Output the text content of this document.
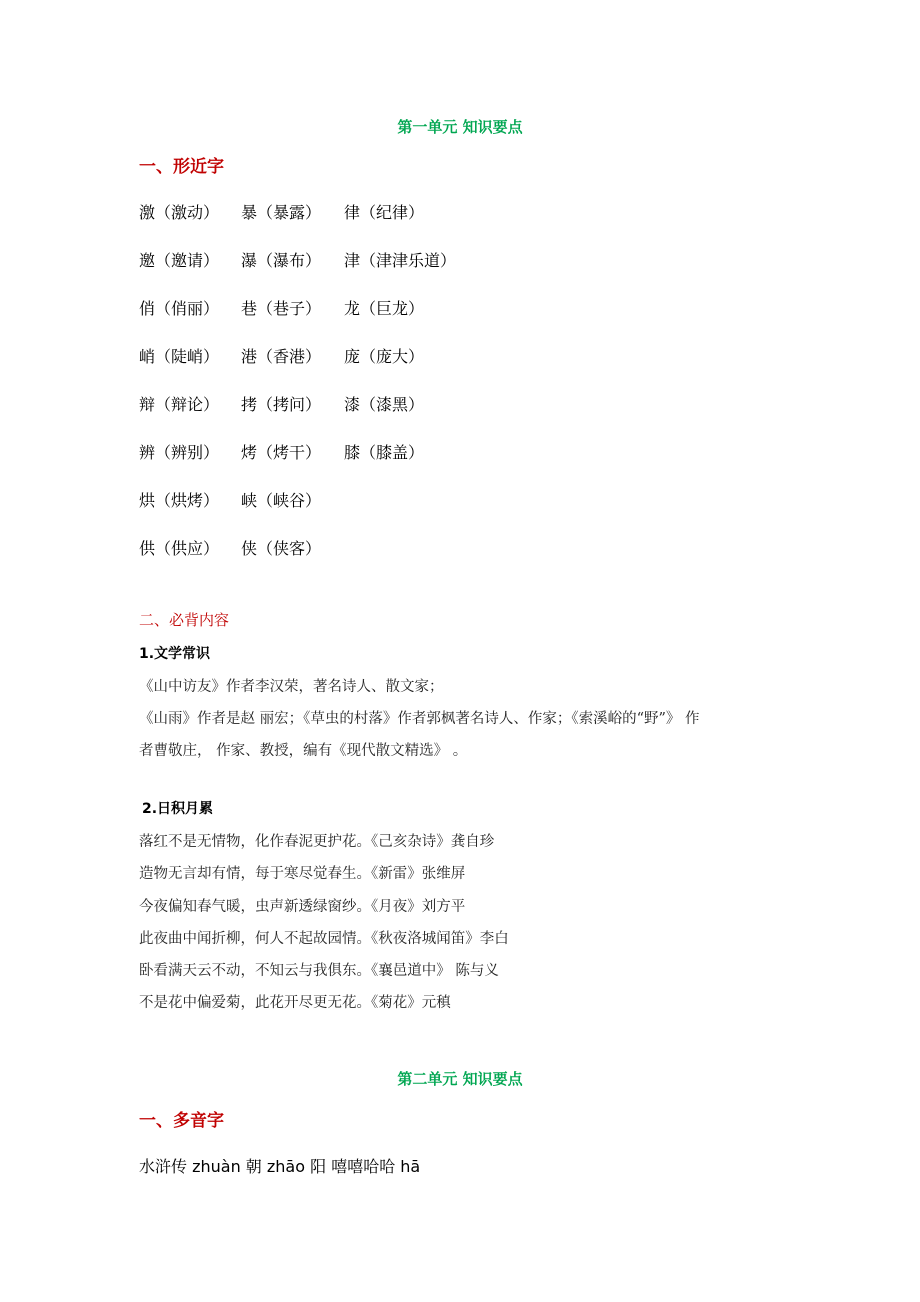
第一单元 知识要点
一、形近字
激（激动） 暴（暴露） 律（纪律）
邀（邀请） 瀑（瀑布） 津（津津乐道）
俏（俏丽） 巷（巷子） 龙（巨龙）
峭（陡峭） 港（香港） 庞（庞大）
辩（辩论） 拷（拷问） 漆（漆黑）
辨（辨别） 烤（烤干） 膝（膝盖）
烘（烘烤） 峡（峡谷）
供（供应） 侠（侠客）
二、必背内容
1.文学常识
《山中访友》作者李汉荣，著名诗人、散文家；
《山雨》作者是赵 丽宏；《草虫的村落》作者郭枫著名诗人、作家；《索溪峪的“野”》 作
者曹敬庄， 作家、教授，编有《现代散文精选》 。
2.日积月累
落红不是无情物，化作春泥更护花。《己亥杂诗》龚自珍
造物无言却有情，每于寒尽觉春生。《新雷》张维屏
今夜偏知春气暖，虫声新透绿窗纱。《月夜》刘方平
此夜曲中闻折柳，何人不起故园情。《秋夜洛城闻笛》李白
卧看满天云不动，不知云与我俱东。《襄邑道中》 陈与义
不是花中偏爱菊，此花开尽更无花。《菊花》元稹
第二单元 知识要点
一、多音字
水浒传 zhuàn 朝 zhāo 阳 嘻嘻哈哈 hā
